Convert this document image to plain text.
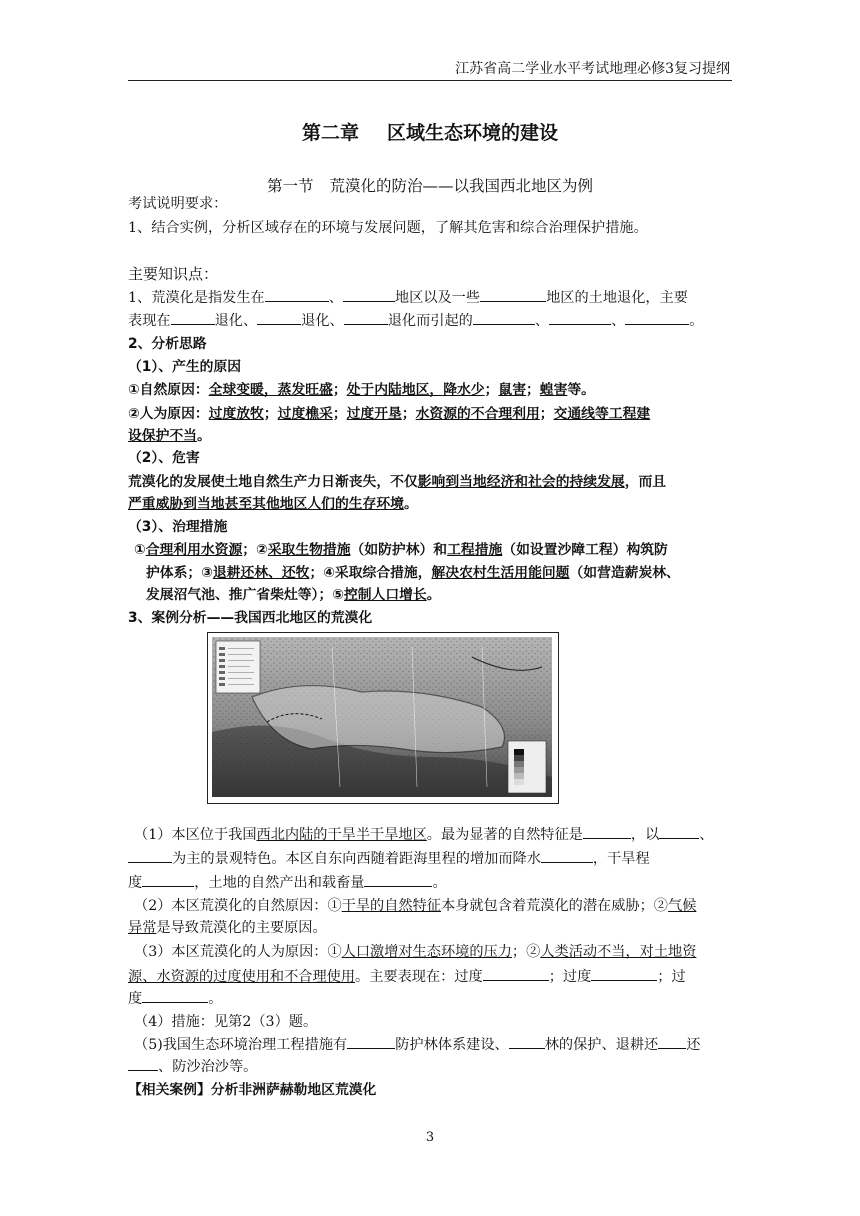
江苏省高二学业水平考试地理必修3复习提纲
第二章 区域生态环境的建设
第一节 荒漠化的防治——以我国西北地区为例
考试说明要求：
1、结合实例，分析区域存在的环境与发展问题，了解其危害和综合治理保护措施。
主要知识点：
1、荒漠化是指发生在	、	地区以及一些	地区的土地退化，主要
表现在	退化、	退化、	退化而引起的	、	、	。
2、分析思路
（1）、产生的原因
①自然原因：全球变暖，蒸发旺盛；处于内陆地区，降水少；鼠害；蝗害等。
②人为原因：过度放牧；过度樵采；过度开垦；水资源的不合理利用；交通线等工程建
设保护不当。
（2）、危害
荒漠化的发展使土地自然生产力日渐丧失，不仅影响到当地经济和社会的持续发展，而且
严重威胁到当地甚至其他地区人们的生存环境。
（3）、治理措施
①合理利用水资源；②采取生物措施（如防护林）和工程措施（如设置沙障工程）构筑防
护体系；③退耕还林、还牧；④采取综合措施，解决农村生活用能问题（如营造薪炭林、
发展沼气池、推广省柴灶等）；⑤控制人口增长。
3、案例分析——我国西北地区的荒漠化
（1）本区位于我国西北内陆的干旱半干旱地区。最为显著的自然特征是	，以	、
为主的景观特色。本区自东向西随着距海里程的增加而降水	，干旱程
度	，土地的自然产出和载畜量	。
（2）本区荒漠化的自然原因：①干旱的自然特征本身就包含着荒漠化的潜在威胁；②气候
异常是导致荒漠化的主要原因。
（3）本区荒漠化的人为原因：①人口激增对生态环境的压力；②人类活动不当，对土地资
源、水资源的过度使用和不合理使用。主要表现在：过度	；过度	；过
度	。
（4）措施：见第2（3）题。
（5)我国生态环境治理工程措施有	防护林体系建设、	林的保护、退耕还 还
、防沙治沙等。
【相关案例】分析非洲萨赫勒地区荒漠化
3
